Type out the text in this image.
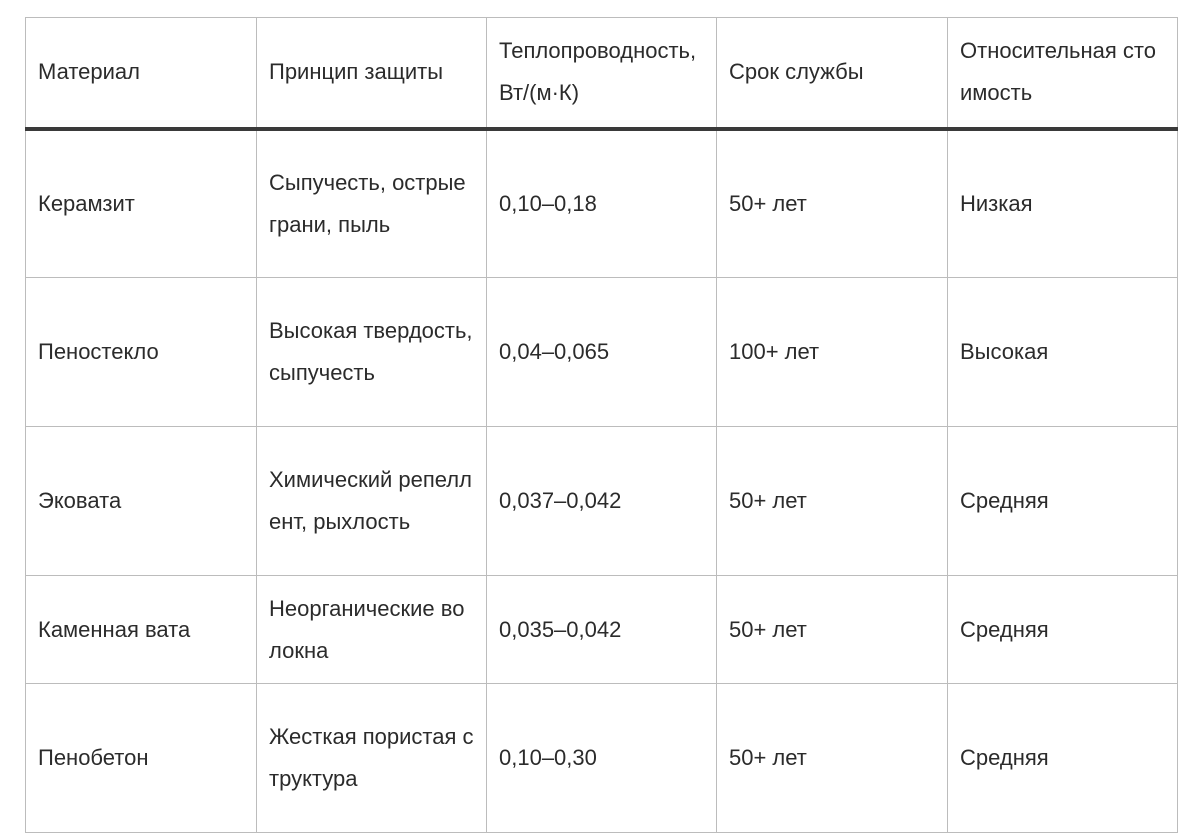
Материал	Принцип защиты	Теплопроводность, Вт/(м·К)	Срок службы	Относительная стоимость
Керамзит	Сыпучесть, острые грани, пыль	0,10–0,18	50+ лет	Низкая
Пеностекло	Высокая твердость, сыпучесть	0,04–0,065	100+ лет	Высокая
Эковата	Химический репеллент, рыхлость	0,037–0,042	50+ лет	Средняя
Каменная вата	Неорганические волокна	0,035–0,042	50+ лет	Средняя
Пенобетон	Жесткая пористая структура	0,10–0,30	50+ лет	Средняя
